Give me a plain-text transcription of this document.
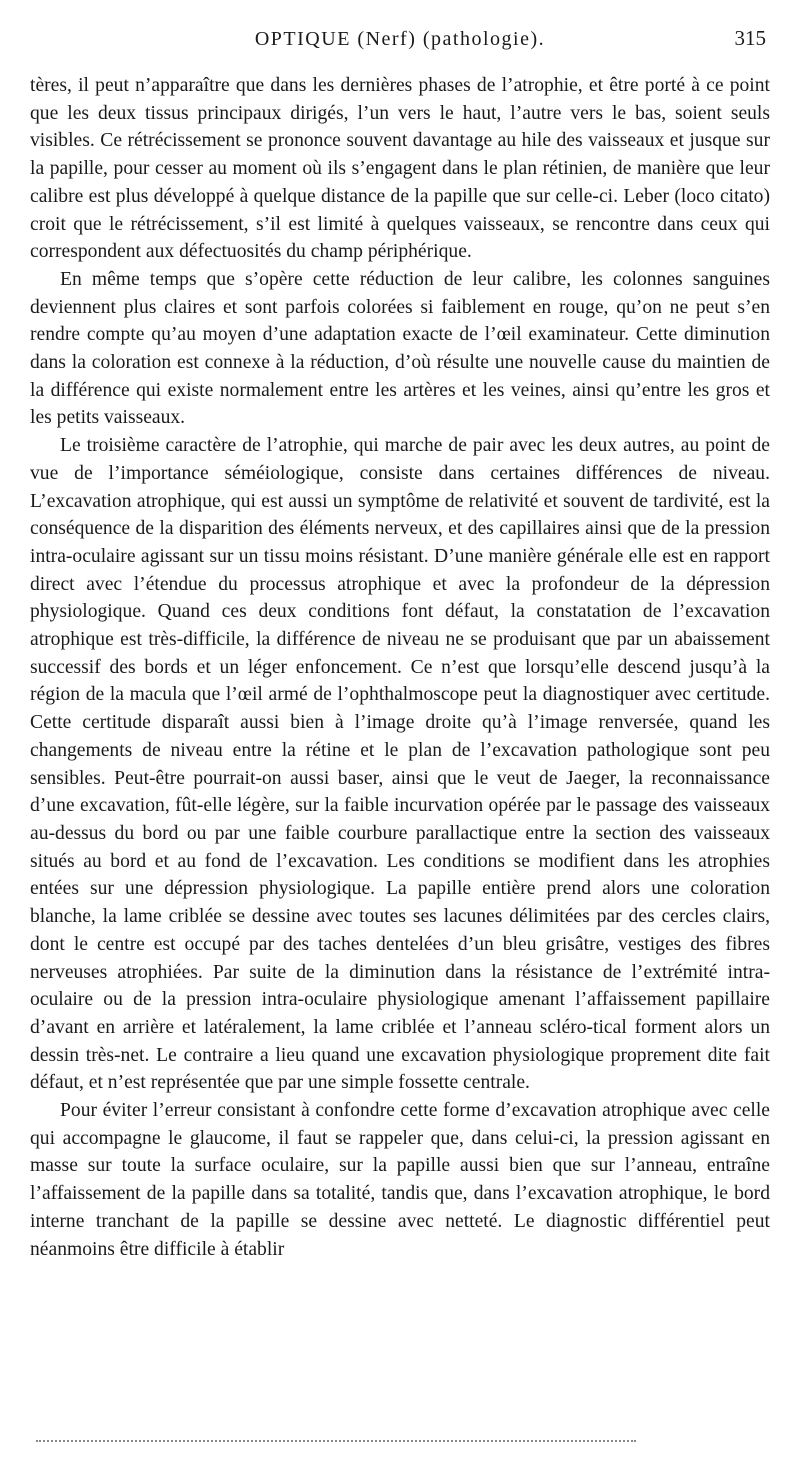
OPTIQUE (Nerf) (pathologie).	315

tères, il peut n’apparaître que dans les dernières phases de l’atrophie, et être porté à ce point que les deux tissus principaux dirigés, l’un vers le haut, l’autre vers le bas, soient seuls visibles. Ce rétrécissement se prononce souvent davantage au hile des vaisseaux et jusque sur la papille, pour cesser au moment où ils s’engagent dans le plan rétinien, de manière que leur calibre est plus développé à quelque distance de la papille que sur celle-ci. Leber (loco citato) croit que le rétrécissement, s’il est limité à quelques vaisseaux, se rencontre dans ceux qui correspondent aux défectuosités du champ périphérique.

En même temps que s’opère cette réduction de leur calibre, les colonnes sanguines deviennent plus claires et sont parfois colorées si faiblement en rouge, qu’on ne peut s’en rendre compte qu’au moyen d’une adaptation exacte de l’œil examinateur. Cette diminution dans la coloration est connexe à la réduction, d’où résulte une nouvelle cause du maintien de la différence qui existe normalement entre les artères et les veines, ainsi qu’entre les gros et les petits vaisseaux.

Le troisième caractère de l’atrophie, qui marche de pair avec les deux autres, au point de vue de l’importance séméiologique, consiste dans certaines différences de niveau. L’excavation atrophique, qui est aussi un symptôme de relativité et souvent de tardivité, est la conséquence de la disparition des éléments nerveux, et des capillaires ainsi que de la pression intra-oculaire agissant sur un tissu moins résistant. D’une manière générale elle est en rapport direct avec l’étendue du processus atrophique et avec la profondeur de la dépression physiologique. Quand ces deux conditions font défaut, la constatation de l’excavation atrophique est très-difficile, la différence de niveau ne se produisant que par un abaissement successif des bords et un léger enfoncement. Ce n’est que lorsqu’elle descend jusqu’à la région de la macula que l’œil armé de l’ophthalmoscope peut la diagnostiquer avec certitude. Cette certitude disparaît aussi bien à l’image droite qu’à l’image renversée, quand les changements de niveau entre la rétine et le plan de l’excavation pathologique sont peu sensibles. Peut-être pourrait-on aussi baser, ainsi que le veut de Jaeger, la reconnaissance d’une excavation, fût-elle légère, sur la faible incurvation opérée par le passage des vaisseaux au-dessus du bord ou par une faible courbure parallactique entre la section des vaisseaux situés au bord et au fond de l’excavation. Les conditions se modifient dans les atrophies entées sur une dépression physiologique. La papille entière prend alors une coloration blanche, la lame criblée se dessine avec toutes ses lacunes délimitées par des cercles clairs, dont le centre est occupé par des taches dentelées d’un bleu grisâtre, vestiges des fibres nerveuses atrophiées. Par suite de la diminution dans la résistance de l’extrémité intra-oculaire ou de la pression intra-oculaire physiologique amenant l’affaissement papillaire d’avant en arrière et latéralement, la lame criblée et l’anneau scléro-tical forment alors un dessin très-net. Le contraire a lieu quand une excavation physiologique proprement dite fait défaut, et n’est représentée que par une simple fossette centrale.

Pour éviter l’erreur consistant à confondre cette forme d’excavation atrophique avec celle qui accompagne le glaucome, il faut se rappeler que, dans celui-ci, la pression agissant en masse sur toute la surface oculaire, sur la papille aussi bien que sur l’anneau, entraîne l’affaissement de la papille dans sa totalité, tandis que, dans l’excavation atrophique, le bord interne tranchant de la papille se dessine avec netteté. Le diagnostic différentiel peut néanmoins être difficile à établir
